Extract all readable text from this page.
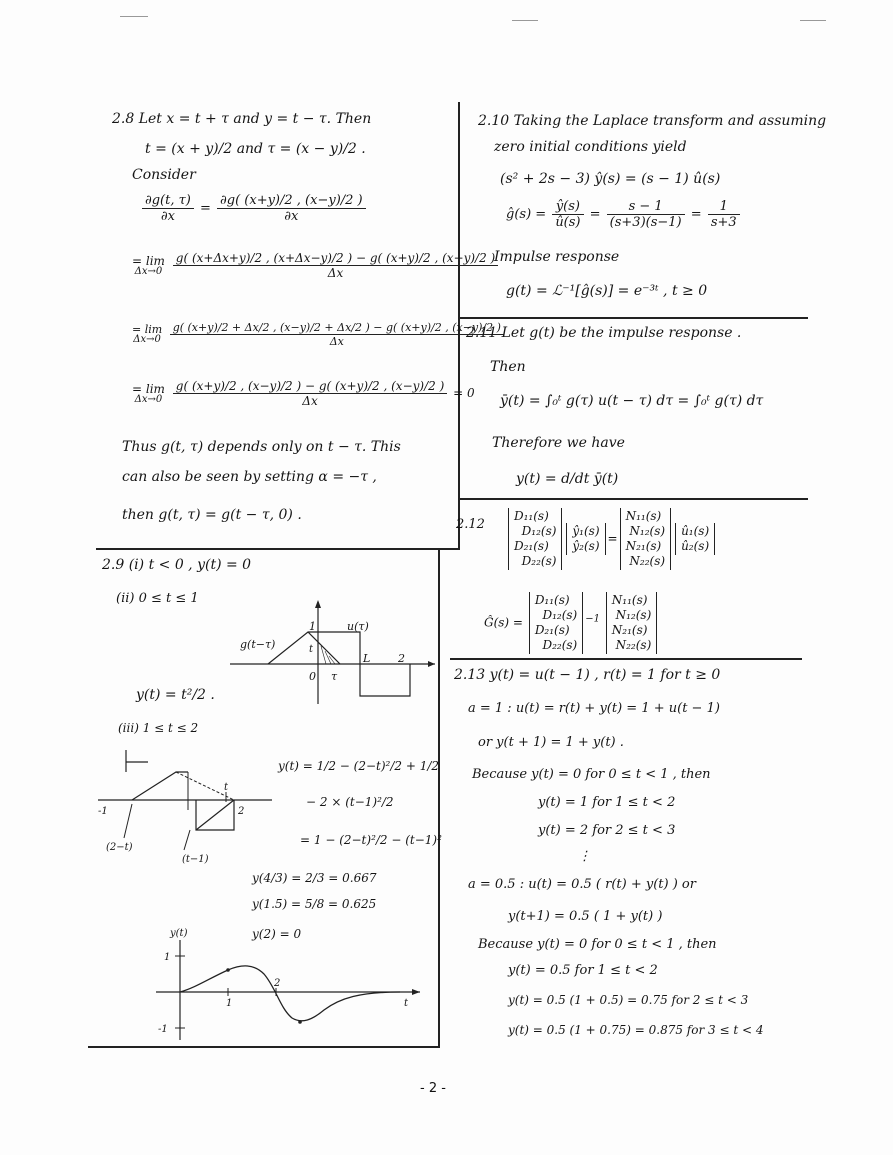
2.8 Let x = t + τ and y = t − τ. Then
t = (x + y)/2 and τ = (x − y)/2 .
Consider
$\frac{\partial g(t, \tau)}{\partial x} = \frac{\partial g( (x+y)/2 , (x-y)/2 )}{\partial x}$
= lim
Δx→0
$\frac{g( (x+\Delta x+y)/2 , (x+\Delta x-y)/2 ) - g( (x+y)/2 , (x-y)/2 )}{\Delta x}$
= lim
Δx→0

g( (x+y)/2 + Δx/2 , (x−y)/2 + Δx/2 ) − g( (x+y)/2 , (x−y)/2 )
Δx
= lim
Δx→0
$\frac{g( (x+y)/2 , (x-y)/2 ) - g( (x+y)/2 , (x-y)/2 )}{\Delta x} = 0$
Thus g(t, τ) depends only on t − τ. This
can also be seen by setting α = −τ ,
then g(t, τ) = g(t − τ, 0) .
2.9 (i) t < 0 , y(t) = 0
(ii) 0 ≤ t ≤ 1
g(t−τ)
u(τ)
1
t
0 τ
L	2
y(t) = t²/2 .
(iii) 1 ≤ t ≤ 2
-1	2
t
(2−t)
(t−1)
y(t) = 1/2 − (2−t)²/2 + 1/2
− 2 × (t−1)²/2
= 1 − (2−t)²/2 − (t−1)²
y(4/3) = 2/3 = 0.667
y(1.5) = 5/8 = 0.625
y(2) = 0
y(t)
1
-1
1
2
t
2.10 Taking the Laplace transform and assuming
zero initial conditions yield
(s² + 2s − 3) ŷ(s) = (s − 1) û(s)
ĝ(s) = $\frac{ŷ(s)}{û(s)} = \frac{s - 1}{(s+3)(s-1)} = \frac{1}{s+3}$
Impulse response
g(t) = ℒ⁻¹[ĝ(s)] = e⁻³ᵗ , t ≥ 0
2.11 Let g(t) be the impulse response .
Then
ȳ(t) = ∫₀ᵗ g(τ) u(t − τ) dτ = ∫₀ᵗ g(τ) dτ
Therefore we have
y(t) = d/dt ȳ(t)
2.12
D₁₁(s)
D₁₂(s)
D₂₁(s)
D₂₂(s)
ŷ₁(s)
ŷ₂(s)
=
N₁₁(s)
N₁₂(s)
N₂₁(s)
N₂₂(s)
û₁(s)
û₂(s)
Ĝ(s) =
D₁₁(s)
D₁₂(s)
D₂₁(s)
D₂₂(s)
$^{-1}$
N₁₁(s)
N₁₂(s)
N₂₁(s)
N₂₂(s)
2.13 y(t) = u(t − 1) , r(t) = 1 for t ≥ 0
a = 1 : u(t) = r(t) + y(t) = 1 + u(t − 1)
or y(t + 1) = 1 + y(t) .
Because y(t) = 0 for 0 ≤ t < 1 , then
y(t) = 1 for 1 ≤ t < 2
y(t) = 2 for 2 ≤ t < 3
⋮
a = 0.5 : u(t) = 0.5 ( r(t) + y(t) ) or
y(t+1) = 0.5 ( 1 + y(t) )
Because y(t) = 0 for 0 ≤ t < 1 , then
y(t) = 0.5 for 1 ≤ t < 2
y(t) = 0.5 (1 + 0.5) = 0.75 for 2 ≤ t < 3
y(t) = 0.5 (1 + 0.75) = 0.875 for 3 ≤ t < 4
- 2 -
